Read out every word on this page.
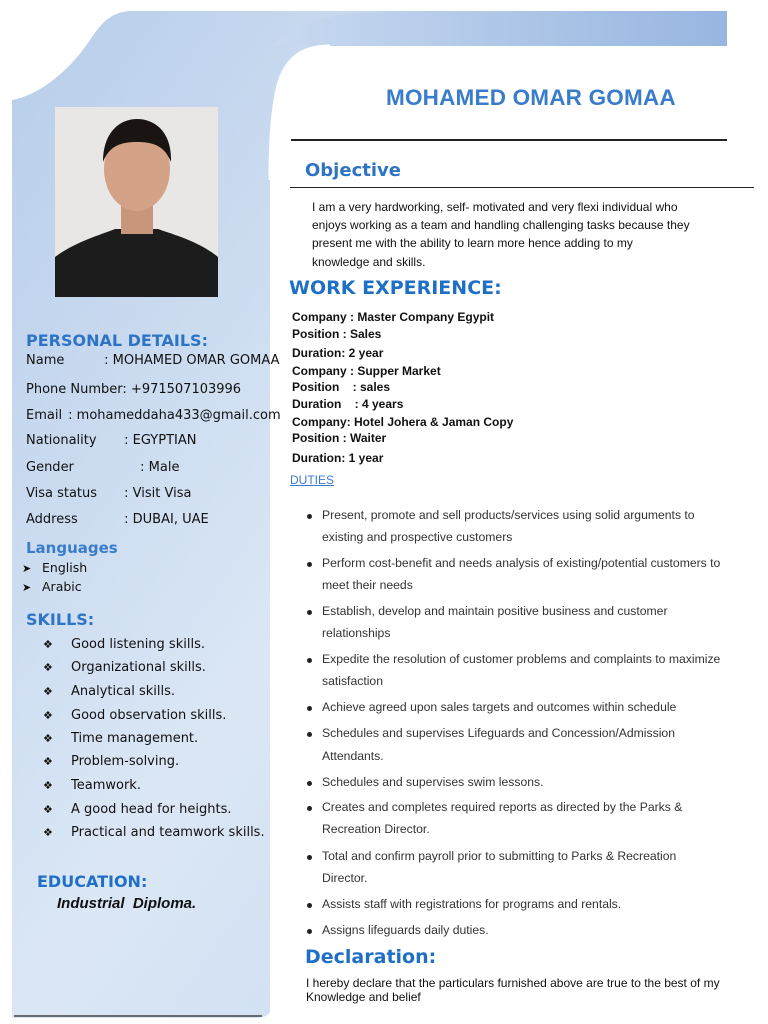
PERSONAL DETAILS:
Name	: MOHAMED OMAR GOMAA
Phone Number: +971507103996
Email : mohameddaha433@gmail.com
Nationality : EGYPTIAN
Gender	: Male
Visa status : Visit Visa
Address	: DUBAI, UAE
Languages
➤ English
➤ Arabic
SKILLS:
❖ Good listening skills.
❖ Organizational skills.
❖ Analytical skills.
❖ Good observation skills.
❖ Time management.
❖ Problem-solving.
❖ Teamwork.
❖ A good head for heights.
❖ Practical and teamwork skills.
EDUCATION:
Industrial  Diploma.
MOHAMED OMAR GOMAA
Objective
I am a very hardworking, self- motivated and very flexi individual who
enjoys working as a team and handling challenging tasks because they
present me with the ability to learn more hence adding to my
knowledge and skills.
WORK EXPERIENCE:
Company : Master Company Egypit
Position : Sales
Duration: 2 year
Company : Supper Market
Position    : sales
Duration    : 4 years
Company: Hotel Johera & Jaman Copy
Position : Waiter
Duration: 1 year
DUTIES
Present, promote and sell products/services using solid arguments to
existing and prospective customers
Perform cost-benefit and needs analysis of existing/potential customers to
meet their needs
Establish, develop and maintain positive business and customer
relationships
Expedite the resolution of customer problems and complaints to maximize
satisfaction
Achieve agreed upon sales targets and outcomes within schedule
Schedules and supervises Lifeguards and Concession/Admission
Attendants.
Schedules and supervises swim lessons.
Creates and completes required reports as directed by the Parks &
Recreation Director.
Total and confirm payroll prior to submitting to Parks & Recreation
Director.
Assists staff with registrations for programs and rentals.
Assigns lifeguards daily duties.
Declaration:
I hereby declare that the particulars furnished above are true to the best of my
Knowledge and belief
